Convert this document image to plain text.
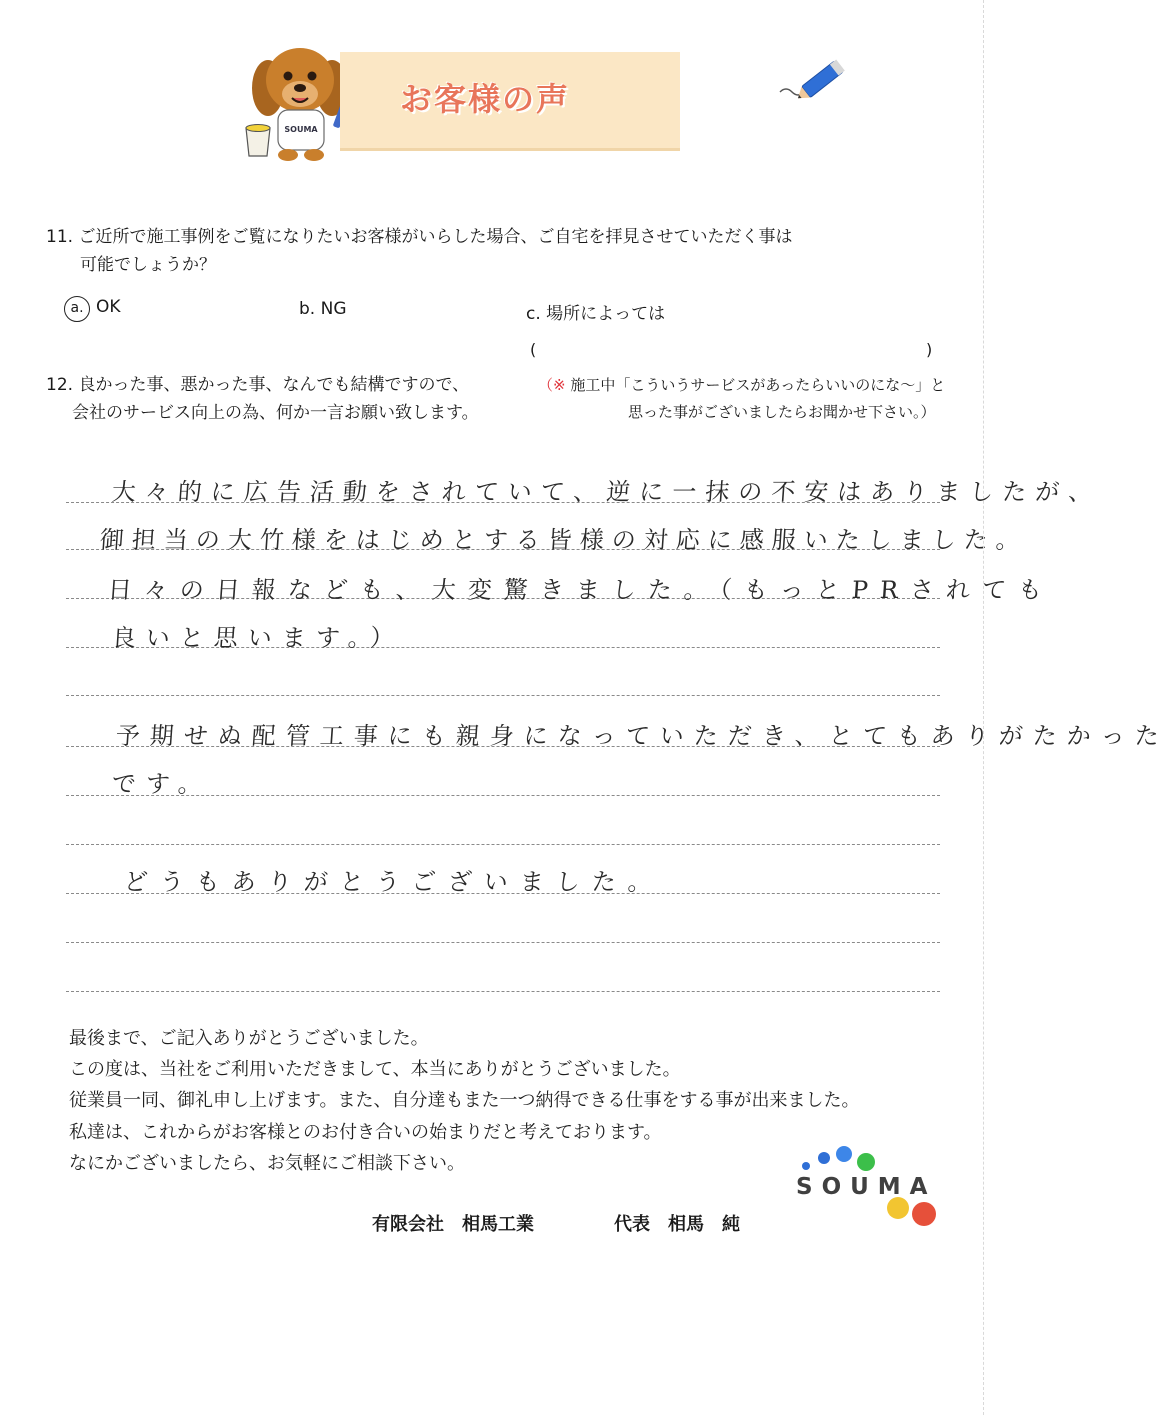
SOUMA
お客様の声
11. ご近所で施工事例をご覧になりたいお客様がいらした場合、ご自宅を拝見させていただく事は
可能でしょうか？
a. OK	b. NG	c. 場所によっては
(	)
12. 良かった事、悪かった事、なんでも結構ですので、
会社のサービス向上の為、何か一言お願い致します。
（※ 施工中「こういうサービスがあったらいいのにな～」と
思った事がございましたらお聞かせ下さい。）
大々的に広告活動をされていて、逆に一抹の不安はありましたが、
御担当の大竹様をはじめとする皆様の対応に感服いたしました。
日々の日報なども、大変驚きました。（もっとPRされても
良いと思います。）
予期せぬ配管工事にも親身になっていただき、とてもありがたかった
です。
どうもありがとうございました。
最後まで、ご記入ありがとうございました。
この度は、当社をご利用いただきまして、本当にありがとうございました。
従業員一同、御礼申し上げます。また、自分達もまた一つ納得できる仕事をする事が出来ました。
私達は、これからがお客様とのお付き合いの始まりだと考えております。
なにかございましたら、お気軽にご相談下さい。
有限会社　相馬工業	代表　相馬　純
SOUMA
